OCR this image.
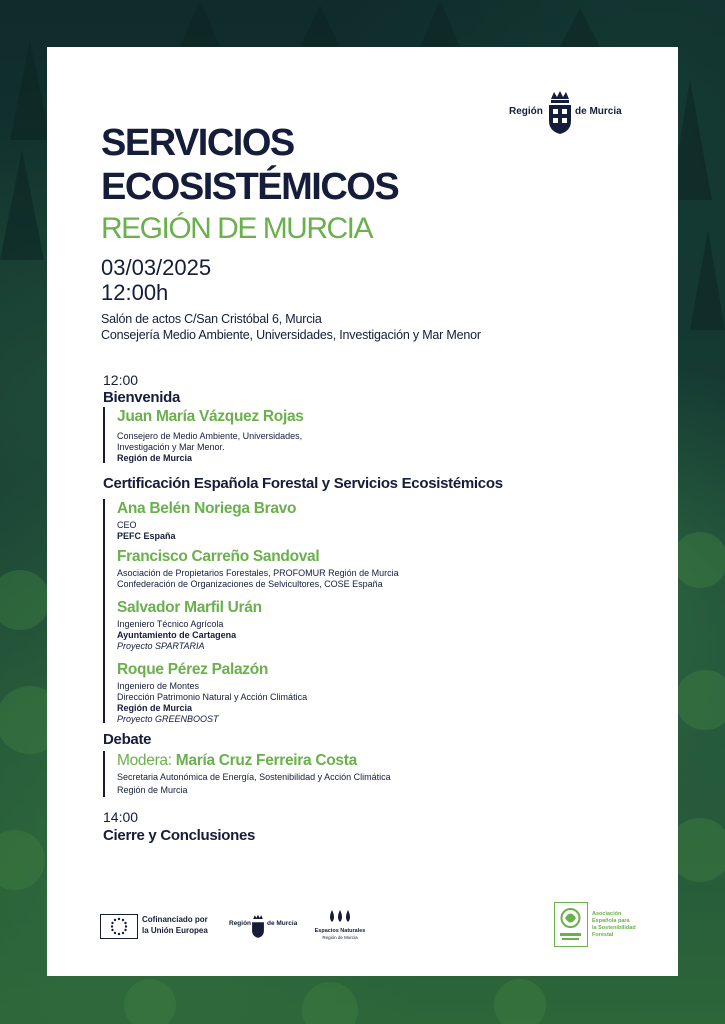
Región	de Murcia
SERVICIOS
ECOSISTÉMICOS
REGIÓN DE MURCIA
03/03/2025
12:00h
Salón de actos C/San Cristóbal 6, Murcia
Consejería Medio Ambiente, Universidades, Investigación y Mar Menor
12:00
Bienvenida
Juan María Vázquez Rojas
Consejero de Medio Ambiente, Universidades,
Investigación y Mar Menor.
Región de Murcia
Certificación Española Forestal y Servicios Ecosistémicos
Ana Belén Noriega Bravo
CEO
PEFC España
Francisco Carreño Sandoval
Asociación de Propietarios Forestales, PROFOMUR Región de Murcia
Confederación de Organizaciones de Selvicultores, COSE España
Salvador Marfil Urán
Ingeniero Técnico Agrícola
Ayuntamiento de Cartagena
Proyecto SPARTARIA
Roque Pérez Palazón
Ingeniero de Montes
Dirección Patrimonio Natural y Acción Climática
Región de Murcia
Proyecto GREENBOOST
Debate
Modera: María Cruz Ferreira Costa
Secretaria Autonómica de Energía, Sostenibilidad y Acción Climática
Región de Murcia
14:00
Cierre y Conclusiones
Cofinanciado por
la Unión Europea
Región de Murcia
Espacios Naturales
Región de Murcia
Asociación
Española para
la Sostenibilidad
Forestal
